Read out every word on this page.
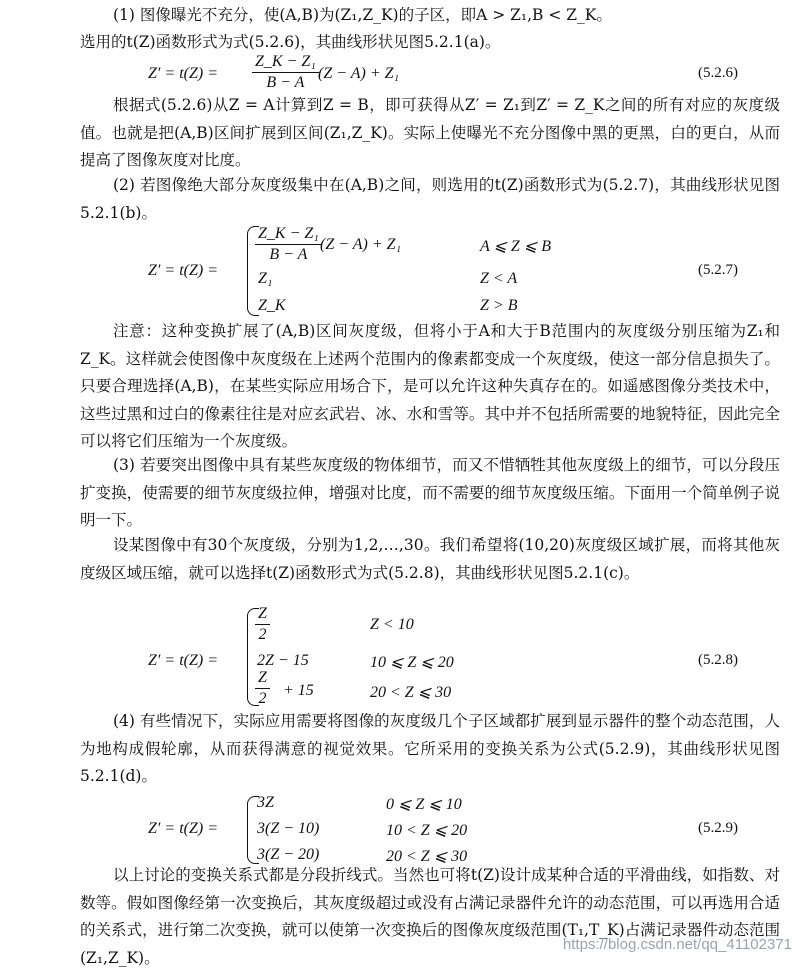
(1) 图像曝光不充分，使(A,B)为(Z₁,Z_K)的子区，即A > Z₁,B < Z_K。

选用的t(Z)函数形式为式(5.2.6)，其曲线形状见图5.2.1(a)。

$Z' = t(Z) = \frac{\text{Z\_K − Z₁}}{B - A} (Z - A) + Z_1$	(5.2.6)

根据式(5.2.6)从Z = A计算到Z = B，即可获得从Z′ = Z₁到Z′ = Z_K之间的所有对应的灰度级值。也就是把(A,B)区间扩展到区间(Z₁,Z_K)。实际上使曝光不充分图像中黑的更黑，白的更白，从而提高了图像灰度对比度。

(2) 若图像绝大部分灰度级集中在(A,B)之间，则选用的t(Z)函数形式为(5.2.7)，其曲线形状见图5.2.1(b)。

Z′ = t(Z) =
$\frac{\text{Z\_K − Z₁}}{B - A}$
(Z − A) + Z₁	A ⩽ Z ⩽ B
Z₁	Z < A
Z_K	Z > B
(5.2.7)

注意：这种变换扩展了(A,B)区间灰度级，但将小于A和大于B范围内的灰度级分别压缩为Z₁和Z_K。这样就会使图像中灰度级在上述两个范围内的像素都变成一个灰度级，使这一部分信息损失了。只要合理选择(A,B)，在某些实际应用场合下，是可以允许这种失真存在的。如遥感图像分类技术中，这些过黑和过白的像素往往是对应玄武岩、冰、水和雪等。其中并不包括所需要的地貌特征，因此完全可以将它们压缩为一个灰度级。

(3) 若要突出图像中具有某些灰度级的物体细节，而又不惜牺牲其他灰度级上的细节，可以分段压扩变换，使需要的细节灰度级拉伸，增强对比度，而不需要的细节灰度级压缩。下面用一个简单例子说明一下。

设某图像中有30个灰度级，分别为1,2,…,30。我们希望将(10,20)灰度级区域扩展，而将其他灰度级区域压缩，就可以选择t(Z)函数形式为式(5.2.8)，其曲线形状见图5.2.1(c)。

Z′ = t(Z) =
$\frac{Z}{2}$	Z < 10
2Z − 15	10 ⩽ Z ⩽ 20
$\frac{Z}{2} + 15$	20 < Z ⩽ 30
(5.2.8)

(4) 有些情况下，实际应用需要将图像的灰度级几个子区域都扩展到显示器件的整个动态范围，人为地构成假轮廓，从而获得满意的视觉效果。它所采用的变换关系为公式(5.2.9)，其曲线形状见图5.2.1(d)。

Z′ = t(Z) =
3Z	0 ⩽ Z ⩽ 10
3(Z − 10)	10 < Z ⩽ 20
3(Z − 20)	20 < Z ⩽ 30
(5.2.9)

以上讨论的变换关系式都是分段折线式。当然也可将t(Z)设计成某种合适的平滑曲线，如指数、对数等。假如图像经第一次变换后，其灰度级超过或没有占满记录器件允许的动态范围，可以再选用合适的关系式，进行第二次变换，就可以使第一次变换后的图像灰度级范围(T₁,T_K)占满记录器件动态范围(Z₁,Z_K)。

https://blog.csdn.net/qq_41102371
